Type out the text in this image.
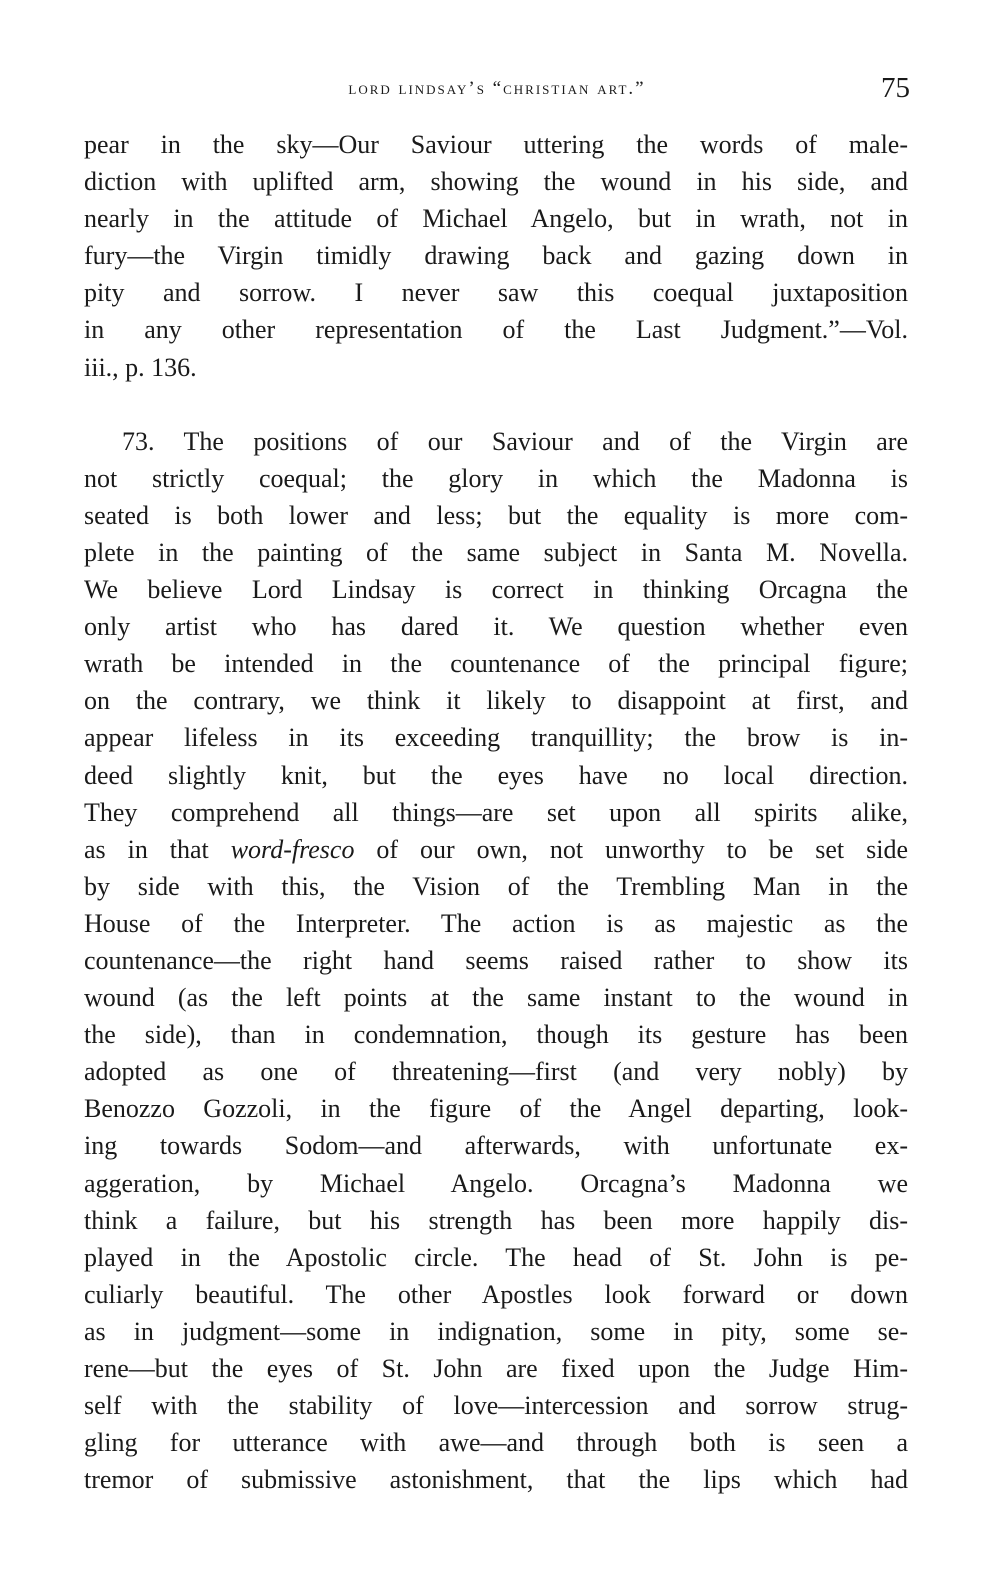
lord lindsay’s “christian art.”	75
pear in the sky—Our Saviour uttering the words of male-
diction with uplifted arm, showing the wound in his side, and
nearly in the attitude of Michael Angelo, but in wrath, not in
fury—the Virgin timidly drawing back and gazing down in
pity and sorrow. I never saw this coequal juxtaposition
in any other representation of the Last Judgment.”—Vol.
iii., p. 136.
73. The positions of our Saviour and of the Virgin are
not strictly coequal; the glory in which the Madonna is
seated is both lower and less; but the equality is more com-
plete in the painting of the same subject in Santa M. Novella.
We believe Lord Lindsay is correct in thinking Orcagna the
only artist who has dared it. We question whether even
wrath be intended in the countenance of the principal figure;
on the contrary, we think it likely to disappoint at first, and
appear lifeless in its exceeding tranquillity; the brow is in-
deed slightly knit, but the eyes have no local direction.
They comprehend all things—are set upon all spirits alike,
as in that word-fresco of our own, not unworthy to be set side
by side with this, the Vision of the Trembling Man in the
House of the Interpreter. The action is as majestic as the
countenance—the right hand seems raised rather to show its
wound (as the left points at the same instant to the wound in
the side), than in condemnation, though its gesture has been
adopted as one of threatening—first (and very nobly) by
Benozzo Gozzoli, in the figure of the Angel departing, look-
ing towards Sodom—and afterwards, with unfortunate ex-
aggeration, by Michael Angelo. Orcagna’s Madonna we
think a failure, but his strength has been more happily dis-
played in the Apostolic circle. The head of St. John is pe-
culiarly beautiful. The other Apostles look forward or down
as in judgment—some in indignation, some in pity, some se-
rene—but the eyes of St. John are fixed upon the Judge Him-
self with the stability of love—intercession and sorrow strug-
gling for utterance with awe—and through both is seen a
tremor of submissive astonishment, that the lips which had
